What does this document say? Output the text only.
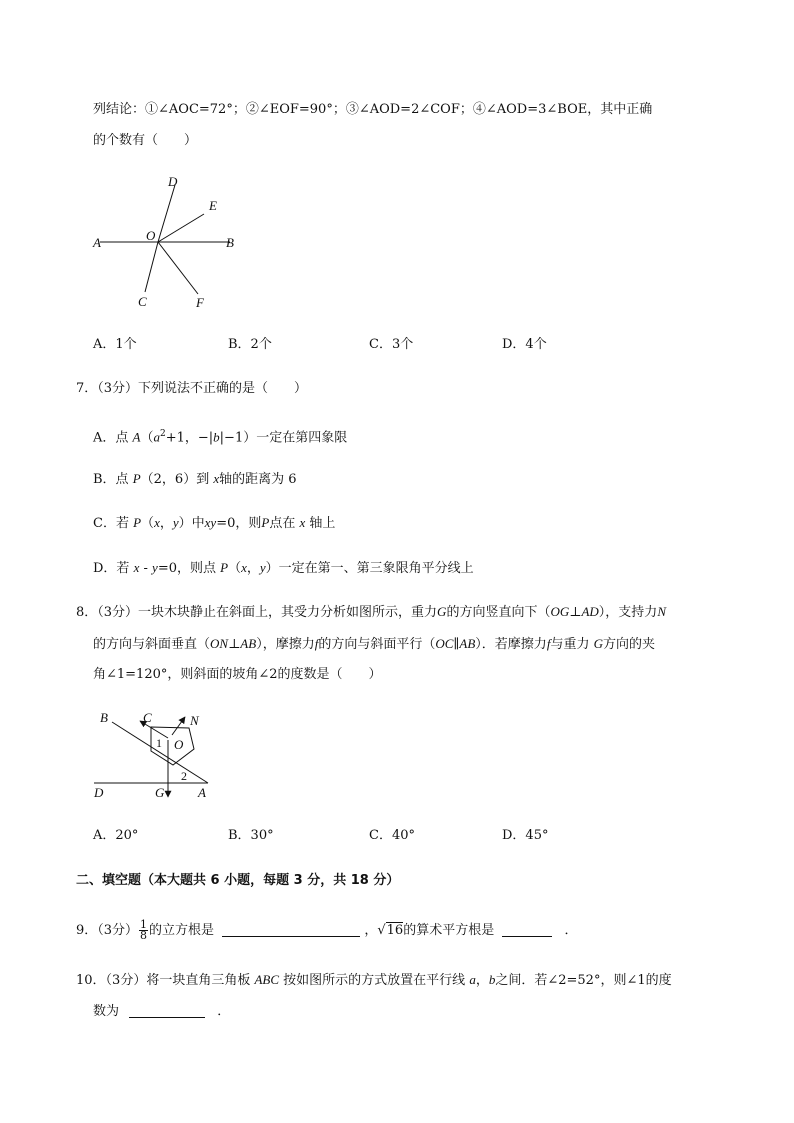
列结论：①∠AOC=72°；②∠EOF=90°；③∠AOD=2∠COF；④∠AOD=3∠BOE，其中正确
的个数有（　　）
D
E
A	O	B
C	F
A．1个	B．2个	C．3个	D．4个
7．（3分）下列说法不正确的是（　　）
A．点 $A(a^2+1$，−|b|−1）一定在第四象限
B．点 P（2，6）到 x轴的距离为 6
C．若 P（x，y）中xy=0，则P点在 x 轴上
D．若 x - y=0，则点 P（x，y）一定在第一、第三象限角平分线上
8．（3分）一块木块静止在斜面上，其受力分析如图所示，重力G的方向竖直向下（OG⊥AD），支持力N
的方向与斜面垂直（ON⊥AB），摩擦力f的方向与斜面平行（OC∥AB）．若摩擦力f与重力 G方向的夹
角∠1=120°，则斜面的坡角∠2的度数是（　　）
B	C	N
1 O
2
D	G	A
A．20°	B．30°	C．40°	D．45°
二、填空题（本大题共 6 小题，每题 3 分，共 18 分）
9．（3分） $\frac{1}{8}$ 的立方根是	，√16的算术平方根是	．
10．（3分）将一块直角三角板 ABC 按如图所示的方式放置在平行线 a，b之间．若∠2=52°，则∠1的度
数为	．
